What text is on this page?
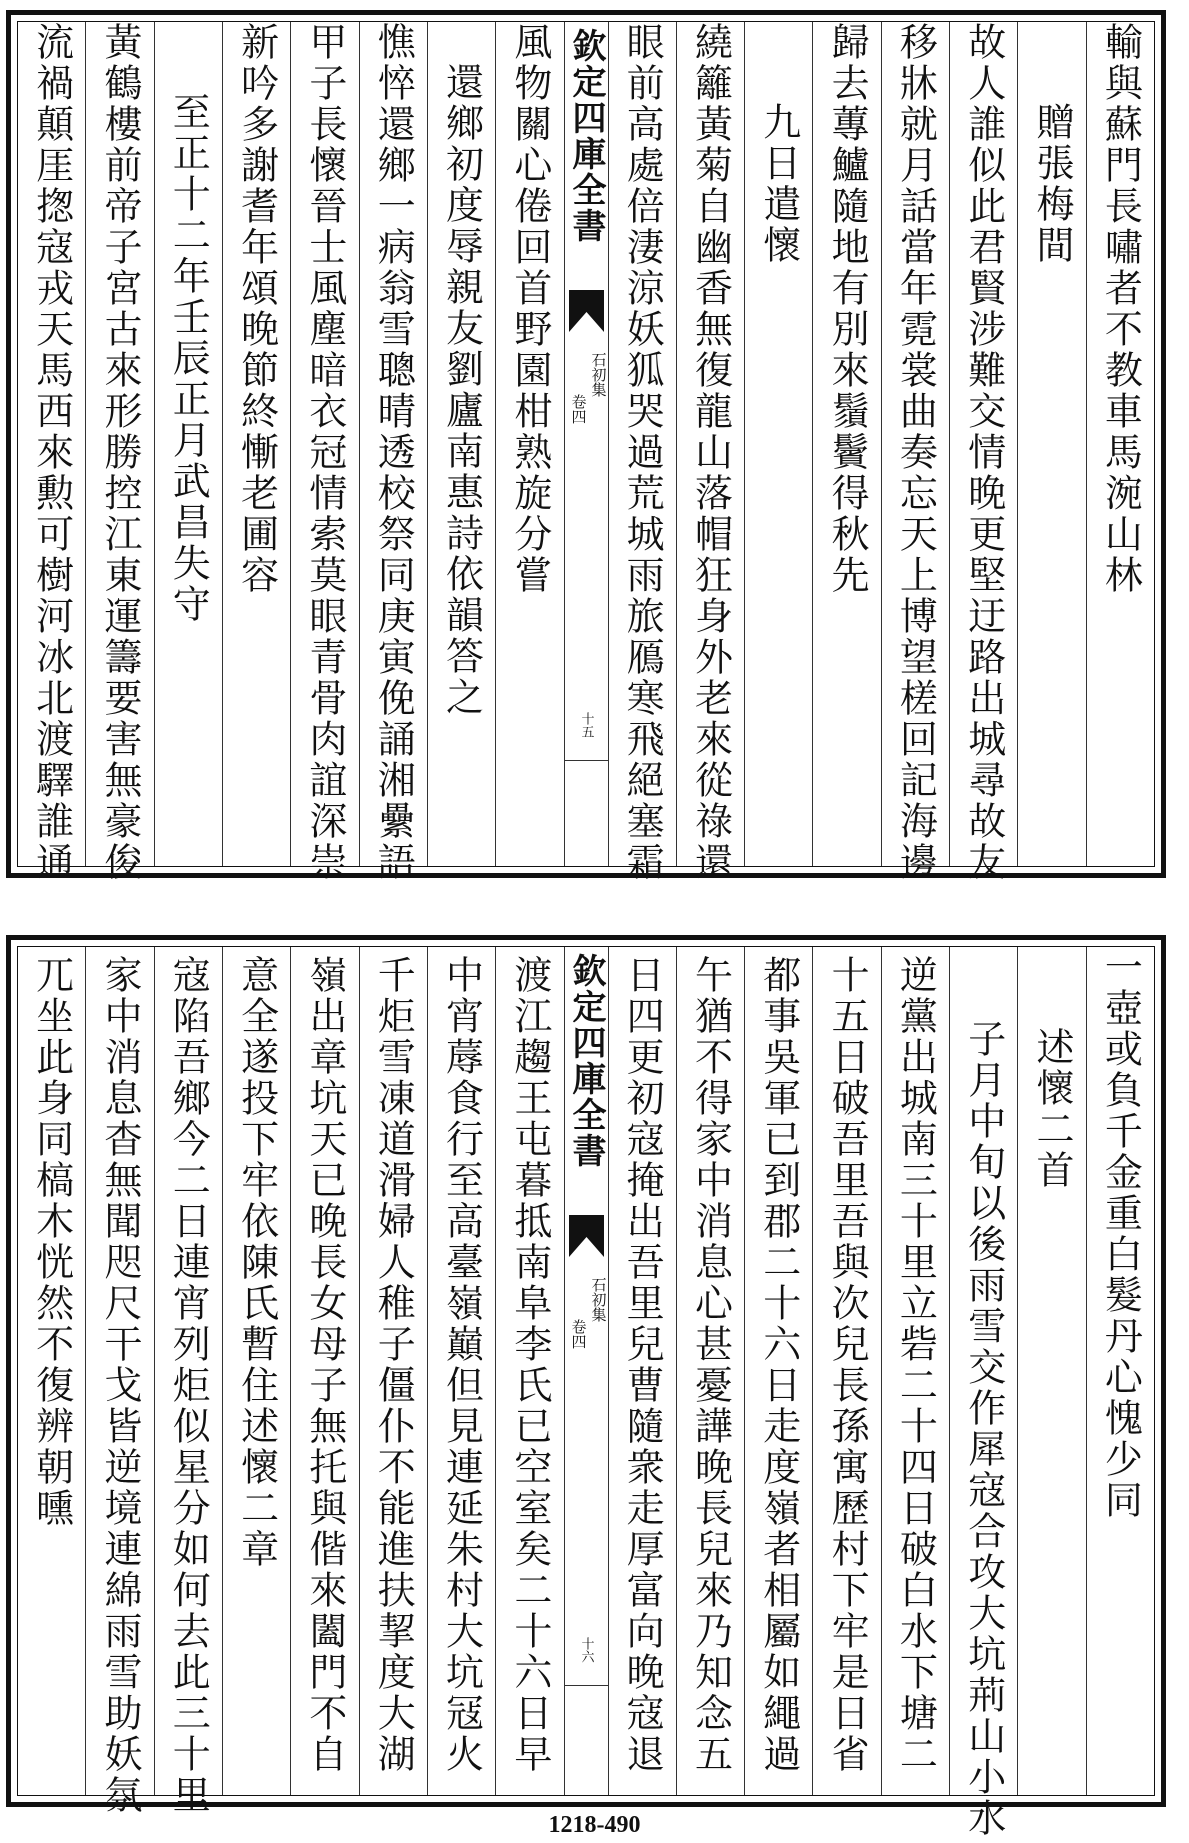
輸與蘇門長嘯者不教車馬涴山林
贈張梅間
故人誰似此君賢涉難交情晚更堅迂路出城尋故友
移牀就月話當年霓裳曲奏忘天上博望槎回記海邊
歸去蓴鱸隨地有別來鬚鬢得秋先
九日遣懷
繞籬黃菊自幽香無復龍山落帽狂身外老來從祿還
眼前高處倍淒涼妖狐哭過荒城雨旅鴈寒飛絕塞霜
欽定四庫全書
石初集
卷四
十五
風物關心倦回首野園柑熟旋分嘗
還鄉初度辱親友劉廬南惠詩依韻答之
憔悴還鄉一病翁雪聰晴透校祭同庚寅俛誦湘纍語
甲子長懷晉士風塵暗衣冠情索莫眼青骨肉誼深崇
新吟多謝耆年頌晚節終慚老圃容
至正十二年壬辰正月武昌失守
黃鶴樓前帝子宮古來形勝控江東運籌要害無豪俊
流禍顛厓揔寇戎天馬西來勲可樹河冰北渡驛誰通
一壺或負千金重白髮丹心愧少同
述懷二首
子月中旬以後雨雪交作犀寇合攻大坑荊山小水
逆黨出城南三十里立砦二十四日破白水下塘二
十五日破吾里吾與次兒長孫寓歷村下牢是日省
都事吳軍已到郡二十六日走度嶺者相屬如繩過
午猶不得家中消息心甚憂譁晚長兒來乃知念五
日四更初寇掩出吾里兒曹隨衆走厚富向晚寇退
欽定四庫全書
石初集
卷四
十六
渡江趨王屯暮抵南阜李氏已空室矣二十六日早
中宵蓐食行至高臺嶺巔但見連延朱村大坑冦火
千炬雪凍道滑婦人稚子僵仆不能進扶挈度大湖
嶺出章坑天已晚長女母子無托與偕來闔門不自
意全遂投下牢依陳氏暫住述懷二章
寇陷吾鄉今二日連宵列炬似星分如何去此三十里
家中消息杳無聞咫尺干戈皆逆境連綿雨雪助妖氛
兀坐此身同槁木恍然不復辨朝曛
1218-490
